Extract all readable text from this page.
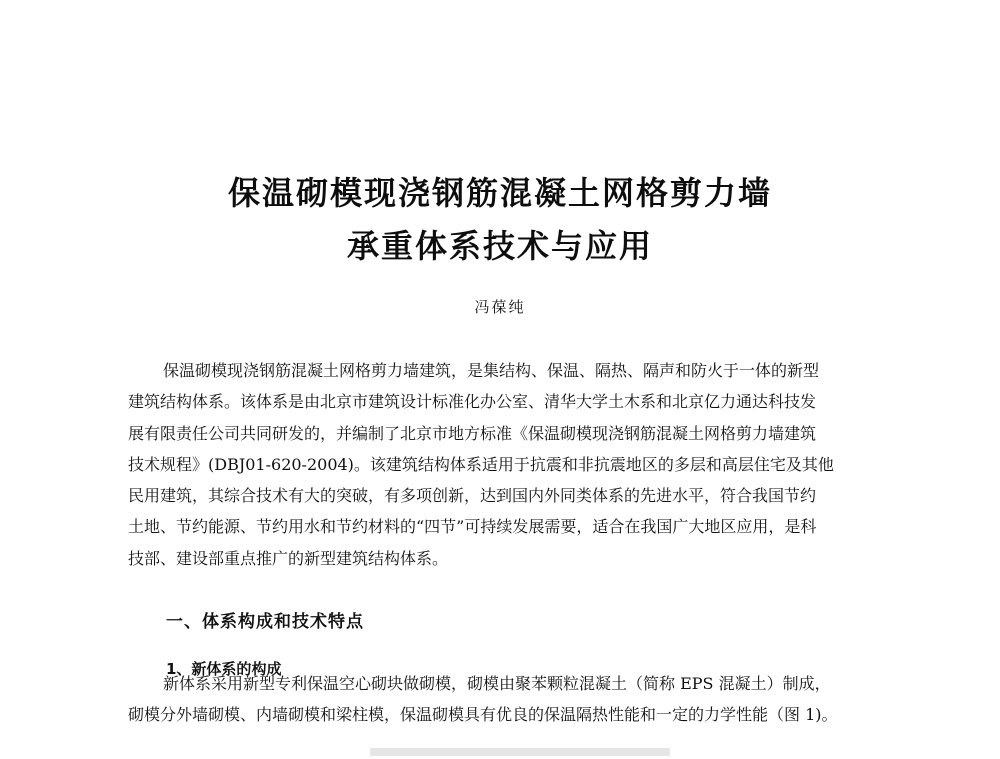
保温砌模现浇钢筋混凝土网格剪力墙
承重体系技术与应用
冯葆纯
保温砌模现浇钢筋混凝土网格剪力墙建筑，是集结构、保温、隔热、隔声和防火于一体的新型
建筑结构体系。该体系是由北京市建筑设计标准化办公室、清华大学土木系和北京亿力通达科技发
展有限责任公司共同研发的，并编制了北京市地方标准《保温砌模现浇钢筋混凝土网格剪力墙建筑
技术规程》(DBJ01-620-2004)。该建筑结构体系适用于抗震和非抗震地区的多层和高层住宅及其他
民用建筑，其综合技术有大的突破，有多项创新，达到国内外同类体系的先进水平，符合我国节约
土地、节约能源、节约用水和节约材料的“四节”可持续发展需要，适合在我国广大地区应用，是科
技部、建设部重点推广的新型建筑结构体系。
一、体系构成和技术特点
1、新体系的构成
新体系采用新型专利保温空心砌块做砌模，砌模由聚苯颗粒混凝土（简称 EPS 混凝土）制成，
砌模分外墙砌模、内墙砌模和梁柱模，保温砌模具有优良的保温隔热性能和一定的力学性能（图 1)。
